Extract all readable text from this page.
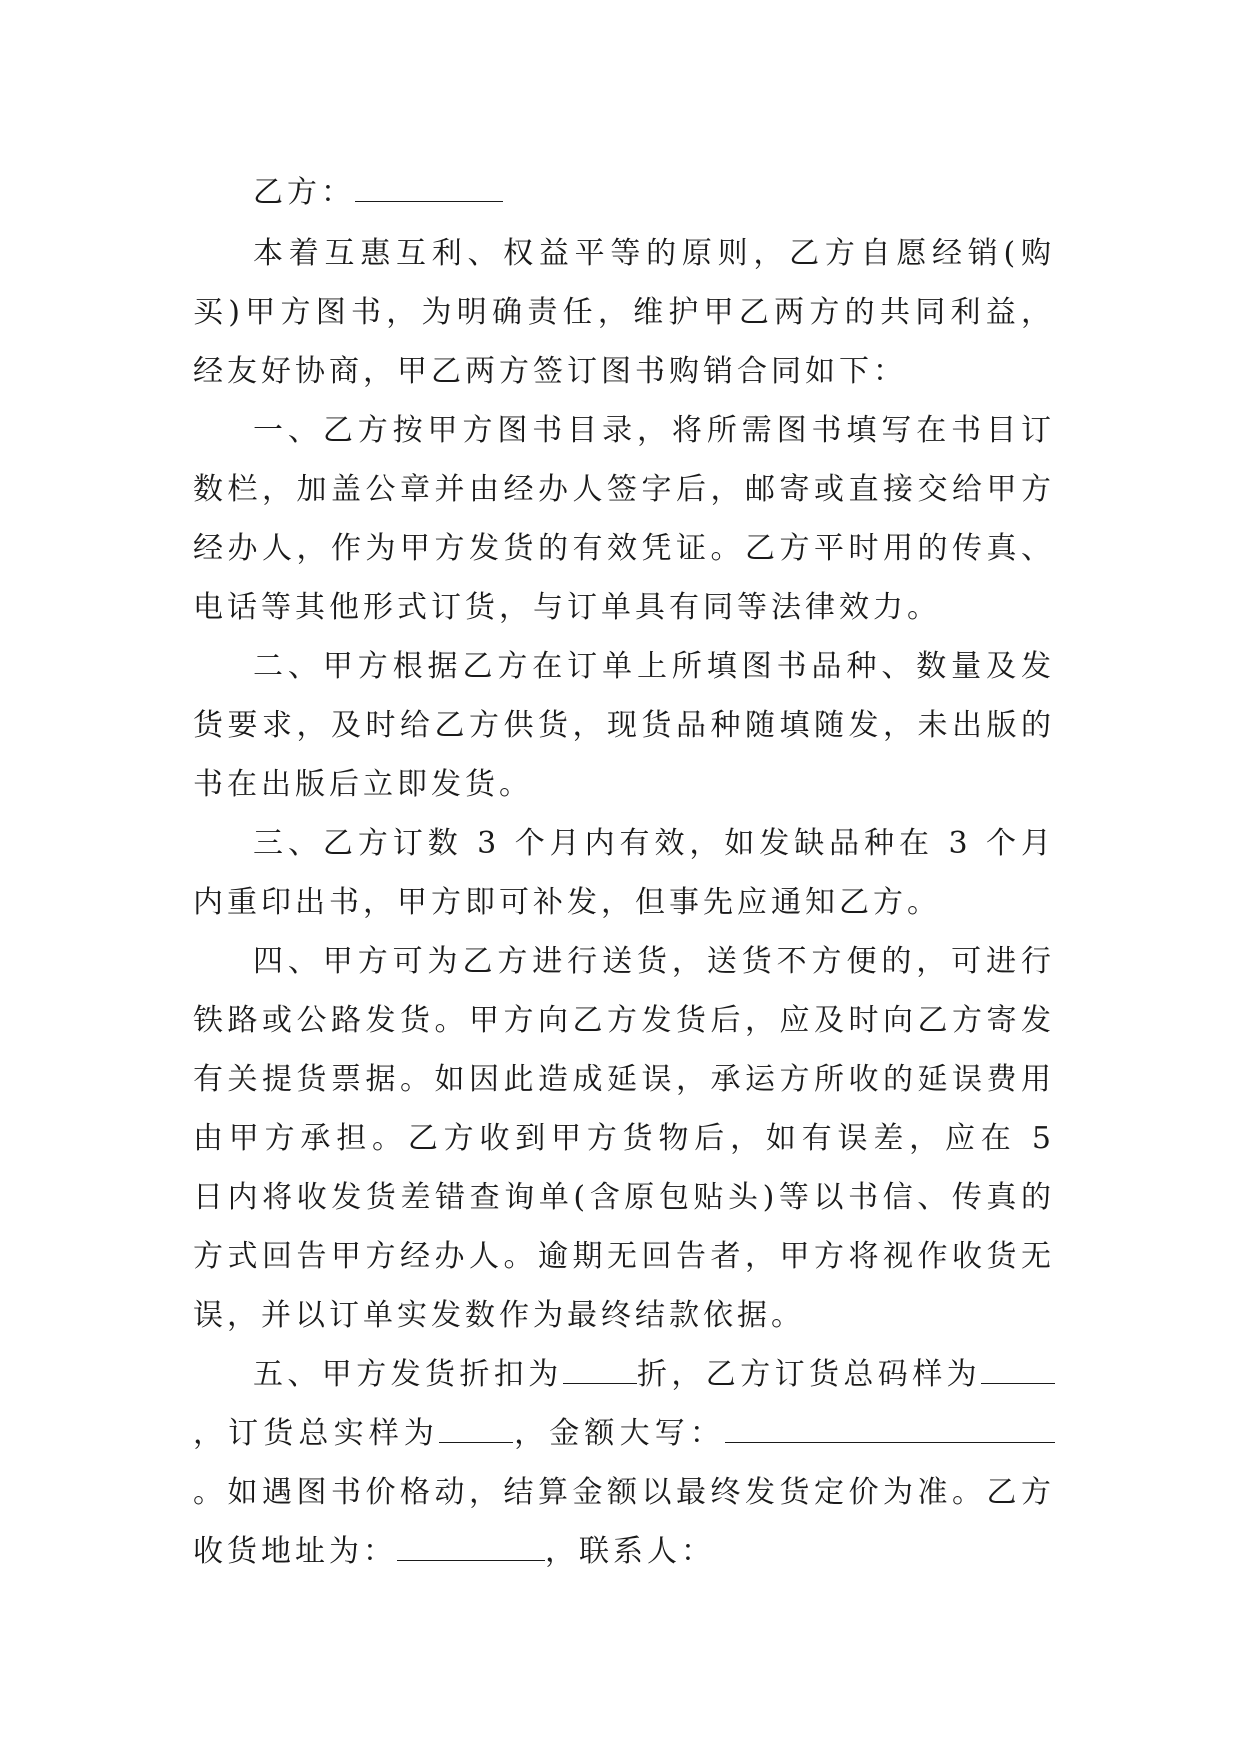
乙方：

本着互惠互利、权益平等的原则，乙方自愿经销(购买)甲方图书，为明确责任，维护甲乙两方的共同利益，经友好协商，甲乙两方签订图书购销合同如下：

一、乙方按甲方图书目录，将所需图书填写在书目订数栏，加盖公章并由经办人签字后，邮寄或直接交给甲方经办人，作为甲方发货的有效凭证。乙方平时用的传真、电话等其他形式订货，与订单具有同等法律效力。

二、甲方根据乙方在订单上所填图书品种、数量及发货要求，及时给乙方供货，现货品种随填随发，未出版的书在出版后立即发货。

三、乙方订数 3 个月内有效，如发缺品种在 3 个月内重印出书，甲方即可补发，但事先应通知乙方。

四、甲方可为乙方进行送货，送货不方便的，可进行铁路或公路发货。甲方向乙方发货后，应及时向乙方寄发有关提货票据。如因此造成延误，承运方所收的延误费用由甲方承担。乙方收到甲方货物后，如有误差，应在 5 日内将收发货差错查询单(含原包贴头)等以书信、传真的方式回告甲方经办人。逾期无回告者，甲方将视作收货无误，并以订单实发数作为最终结款依据。

五、甲方发货折扣为 折，乙方订货总码样为，订货总实样为 ，金额大写：。如遇图书价格动，结算金额以最终发货定价为准。乙方收货地址为：	，联系人：
